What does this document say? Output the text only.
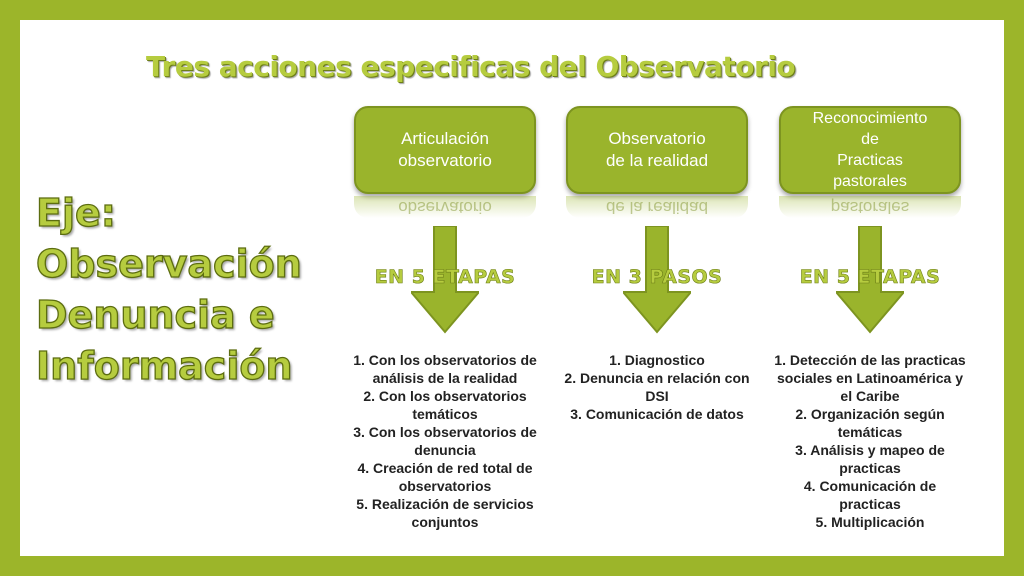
Tres acciones especificas del Observatorio
Eje:
Observación
Denuncia e
Información
Articulación
observatorio
observatorio
EN 5 ETAPAS
1. Con los observatorios de análisis de la realidad
2. Con los observatorios temáticos
3. Con los observatorios de denuncia
4. Creación de red total de observatorios
5. Realización de servicios conjuntos
Observatorio
de la realidad
de la realidad
EN 3 PASOS
1. Diagnostico
2. Denuncia en relación con DSI
3. Comunicación de datos
Reconocimiento
de
Practicas
pastorales
pastorales
EN 5 ETAPAS
1. Detección de las practicas sociales en Latinoamérica y el Caribe
2. Organización según temáticas
3. Análisis y mapeo de practicas
4. Comunicación de practicas
5. Multiplicación
